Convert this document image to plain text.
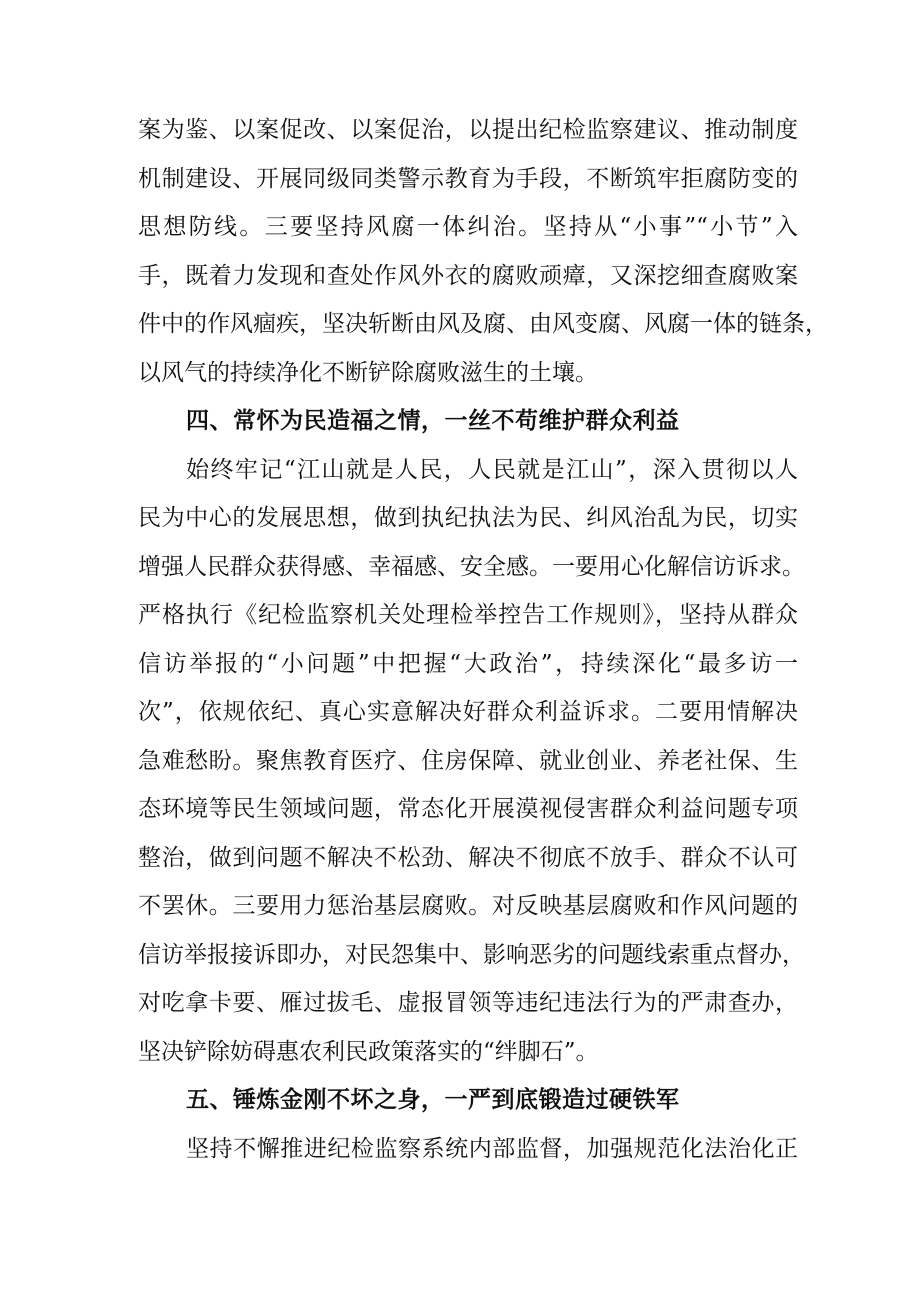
案为鉴、以案促改、以案促治，以提出纪检监察建议、推动制度
机制建设、开展同级同类警示教育为手段，不断筑牢拒腐防变的
思想防线。三要坚持风腐一体纠治。坚持从“小事”“小节”入
手，既着力发现和查处作风外衣的腐败顽瘴，又深挖细查腐败案
件中的作风痼疾，坚决斩断由风及腐、由风变腐、风腐一体的链条，
以风气的持续净化不断铲除腐败滋生的土壤。
四、常怀为民造福之情，一丝不苟维护群众利益
始终牢记“江山就是人民，人民就是江山”，深入贯彻以人
民为中心的发展思想，做到执纪执法为民、纠风治乱为民，切实
增强人民群众获得感、幸福感、安全感。一要用心化解信访诉求。
严格执行《纪检监察机关处理检举控告工作规则》，坚持从群众
信访举报的“小问题”中把握“大政治”，持续深化“最多访一
次”，依规依纪、真心实意解决好群众利益诉求。二要用情解决
急难愁盼。聚焦教育医疗、住房保障、就业创业、养老社保、生
态环境等民生领域问题，常态化开展漠视侵害群众利益问题专项
整治，做到问题不解决不松劲、解决不彻底不放手、群众不认可
不罢休。三要用力惩治基层腐败。对反映基层腐败和作风问题的
信访举报接诉即办，对民怨集中、影响恶劣的问题线索重点督办，
对吃拿卡要、雁过拔毛、虚报冒领等违纪违法行为的严肃查办，
坚决铲除妨碍惠农利民政策落实的“绊脚石”。
五、锤炼金刚不坏之身，一严到底锻造过硬铁军
坚持不懈推进纪检监察系统内部监督，加强规范化法治化正
